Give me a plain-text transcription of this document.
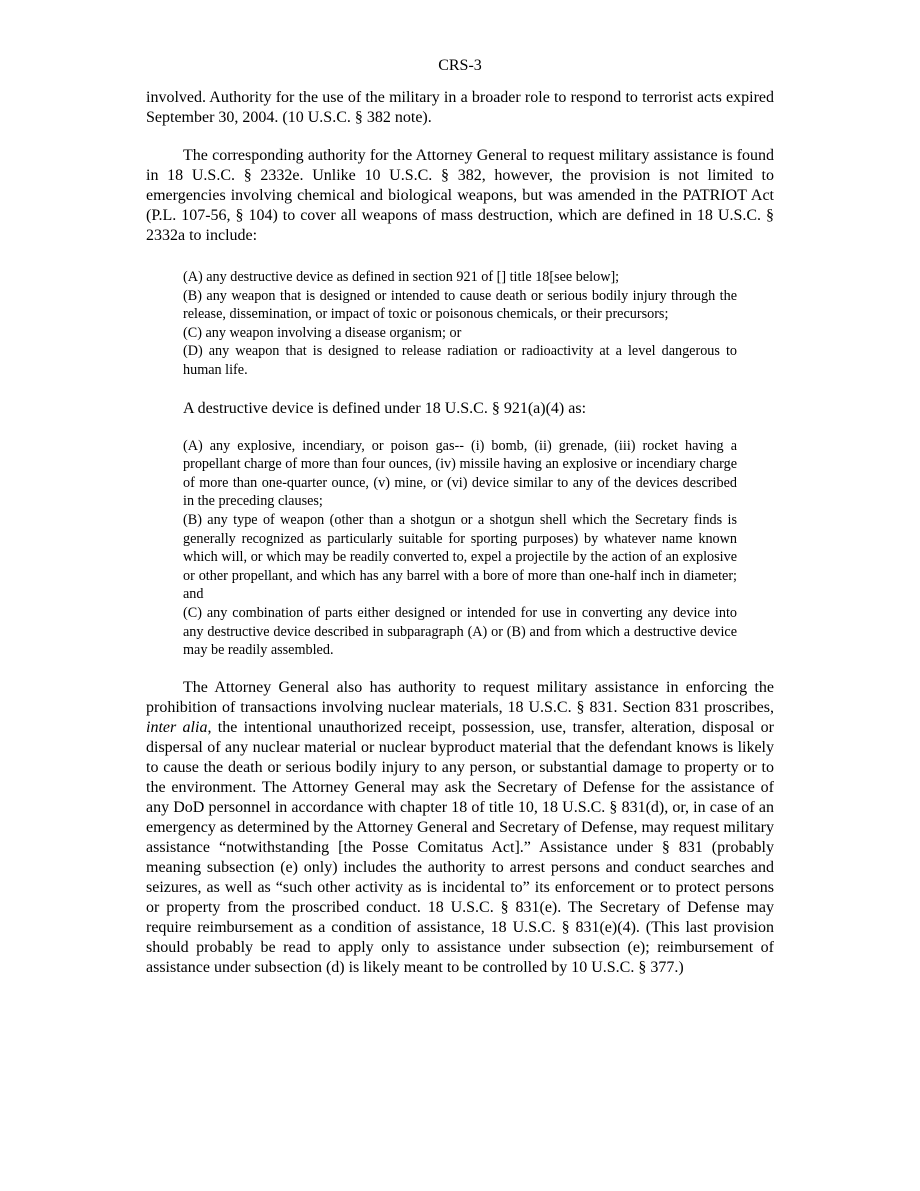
CRS-3

involved. Authority for the use of the military in a broader role to respond to terrorist acts expired September 30, 2004. (10 U.S.C. § 382 note).

The corresponding authority for the Attorney General to request military assistance is found in 18 U.S.C. § 2332e. Unlike 10 U.S.C. § 382, however, the provision is not limited to emergencies involving chemical and biological weapons, but was amended in the PATRIOT Act (P.L. 107-56, § 104) to cover all weapons of mass destruction, which are defined in 18 U.S.C. § 2332a to include:

(A) any destructive device as defined in section 921 of [] title 18[see below];

(B) any weapon that is designed or intended to cause death or serious bodily injury through the release, dissemination, or impact of toxic or poisonous chemicals, or their precursors;

(C) any weapon involving a disease organism; or

(D) any weapon that is designed to release radiation or radioactivity at a level dangerous to human life.

A destructive device is defined under 18 U.S.C. § 921(a)(4) as:

(A) any explosive, incendiary, or poison gas-- (i) bomb, (ii) grenade, (iii) rocket having a propellant charge of more than four ounces, (iv) missile having an explosive or incendiary charge of more than one-quarter ounce, (v) mine, or (vi) device similar to any of the devices described in the preceding clauses;

(B) any type of weapon (other than a shotgun or a shotgun shell which the Secretary finds is generally recognized as particularly suitable for sporting purposes) by whatever name known which will, or which may be readily converted to, expel a projectile by the action of an explosive or other propellant, and which has any barrel with a bore of more than one-half inch in diameter; and

(C) any combination of parts either designed or intended for use in converting any device into any destructive device described in subparagraph (A) or (B) and from which a destructive device may be readily assembled.

The Attorney General also has authority to request military assistance in enforcing the prohibition of transactions involving nuclear materials, 18 U.S.C. § 831. Section 831 proscribes, inter alia, the intentional unauthorized receipt, possession, use, transfer, alteration, disposal or dispersal of any nuclear material or nuclear byproduct material that the defendant knows is likely to cause the death or serious bodily injury to any person, or substantial damage to property or to the environment. The Attorney General may ask the Secretary of Defense for the assistance of any DoD personnel in accordance with chapter 18 of title 10, 18 U.S.C. § 831(d), or, in case of an emergency as determined by the Attorney General and Secretary of Defense, may request military assistance “notwithstanding [the Posse Comitatus Act].” Assistance under § 831 (probably meaning subsection (e) only) includes the authority to arrest persons and conduct searches and seizures, as well as “such other activity as is incidental to” its enforcement or to protect persons or property from the proscribed conduct. 18 U.S.C. § 831(e). The Secretary of Defense may require reimbursement as a condition of assistance, 18 U.S.C. § 831(e)(4). (This last provision should probably be read to apply only to assistance under subsection (e); reimbursement of assistance under subsection (d) is likely meant to be controlled by 10 U.S.C. § 377.)
